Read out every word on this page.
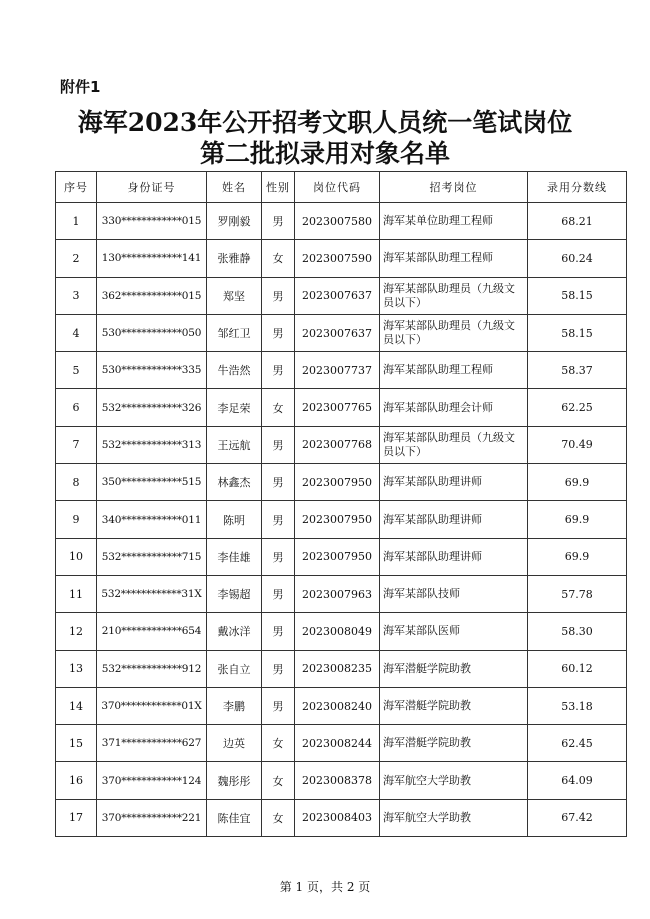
附件1
海军2023年公开招考文职人员统一笔试岗位
第二批拟录用对象名单
序号	身份证号	姓名	性别	岗位代码	招考岗位	录用分数线
1	330************015	罗刚毅	男	2023007580	海军某单位助理工程师	68.21
2	130************141	张雅静	女	2023007590	海军某部队助理工程师	60.24
3	362************015	郑坚	男	2023007637	海军某部队助理员（九级文员以下）	58.15
4	530************050	邹红卫	男	2023007637	海军某部队助理员（九级文员以下）	58.15
5	530************335	牛浩然	男	2023007737	海军某部队助理工程师	58.37
6	532************326	李足荣	女	2023007765	海军某部队助理会计师	62.25
7	532************313	王远航	男	2023007768	海军某部队助理员（九级文员以下）	70.49
8	350************515	林鑫杰	男	2023007950	海军某部队助理讲师	69.9
9	340************011	陈明	男	2023007950	海军某部队助理讲师	69.9
10	532************715	李佳雄	男	2023007950	海军某部队助理讲师	69.9
11	532************31X	李锡超	男	2023007963	海军某部队技师	57.78
12	210************654	戴冰洋	男	2023008049	海军某部队医师	58.30
13	532************912	张自立	男	2023008235	海军潜艇学院助教	60.12
14	370************01X	李鹏	男	2023008240	海军潜艇学院助教	53.18
15	371************627	边英	女	2023008244	海军潜艇学院助教	62.45
16	370************124	魏彤彤	女	2023008378	海军航空大学助教	64.09
17	370************221	陈佳宜	女	2023008403	海军航空大学助教	67.42
第 1 页，共 2 页
